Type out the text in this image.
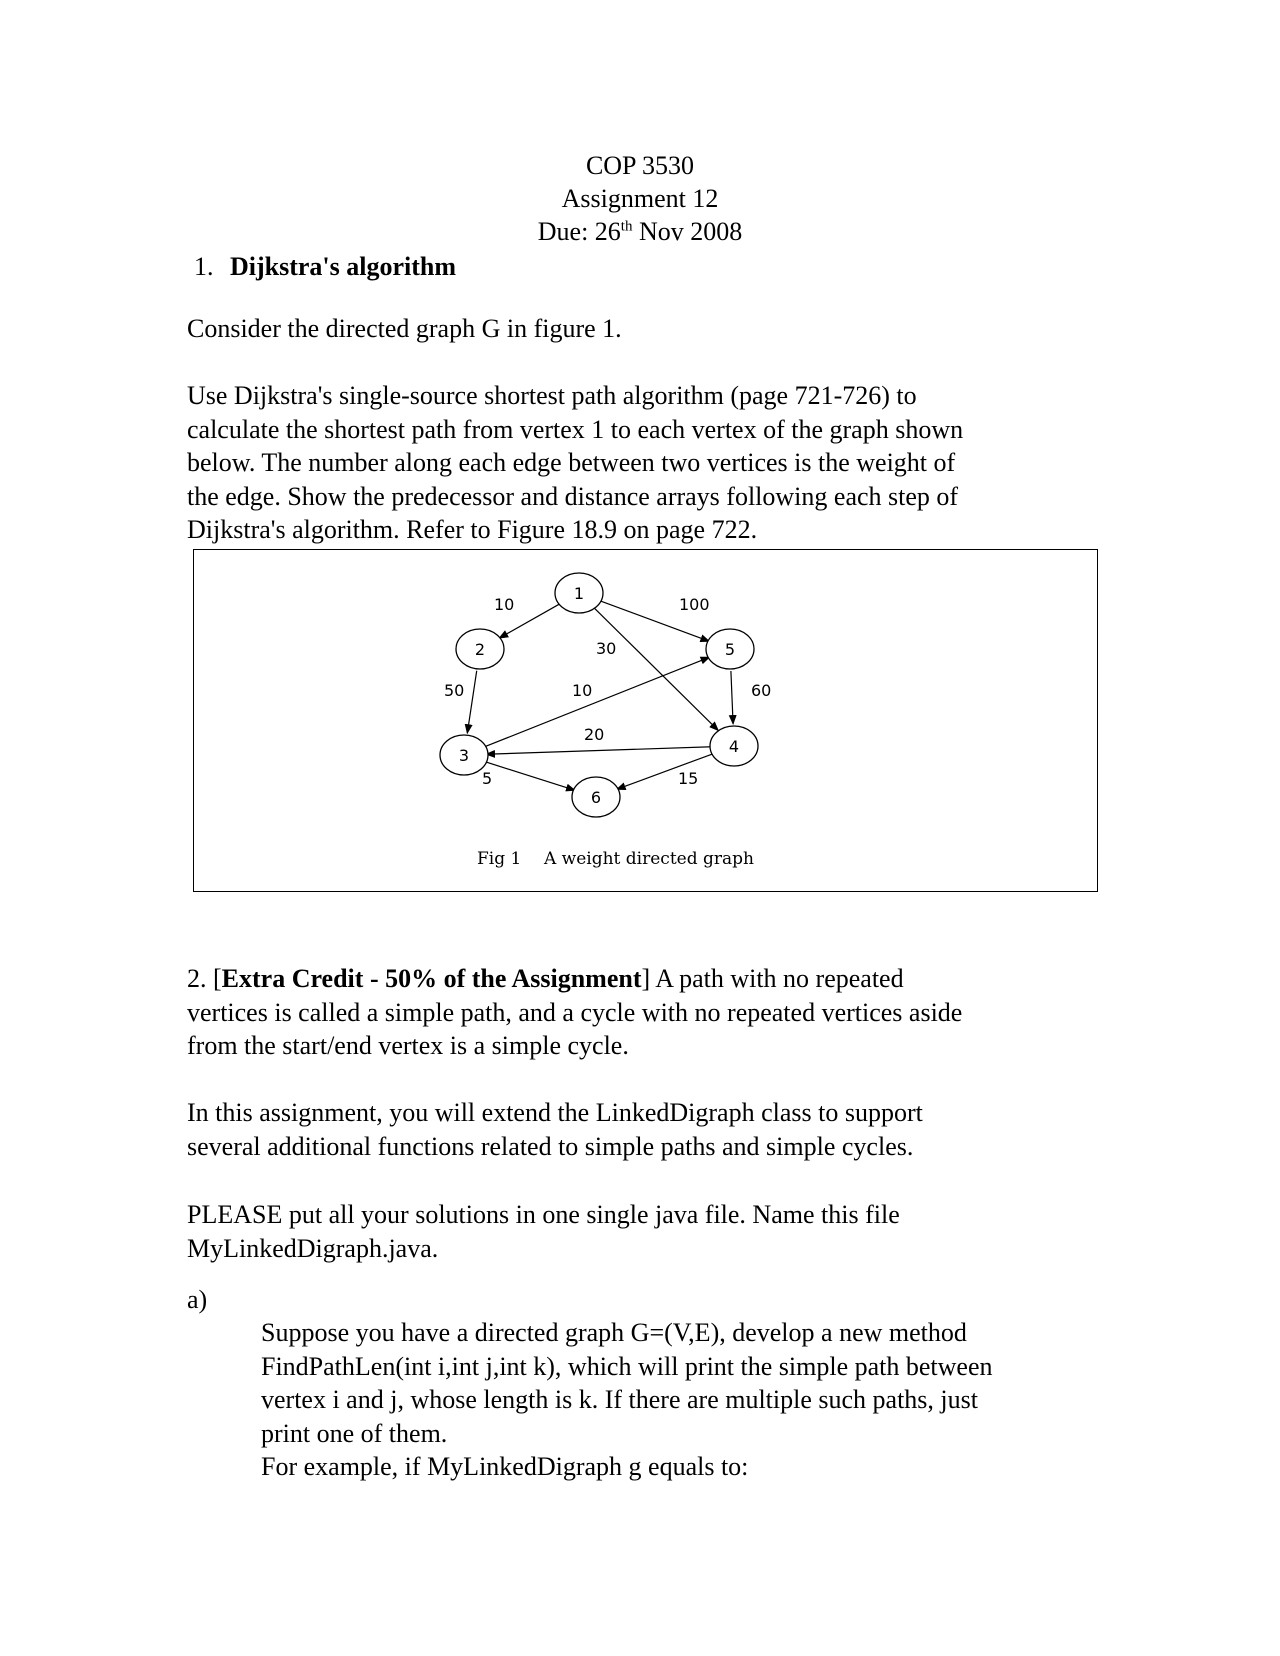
COP 3530
Assignment 12
Due: 26th Nov 2008
1. Dijkstra's algorithm
Consider the directed graph G in figure 1.
Use Dijkstra's single-source shortest path algorithm (page 721-726) to
calculate the shortest path from vertex 1 to each vertex of the graph shown
below. The number along each edge between two vertices is the weight of
the edge. Show the predecessor and distance arrays following each step of
Dijkstra's algorithm. Refer to Figure 18.9 on page 722.
1
2
3	4
5
6
10	100
30
50	10	60
20
5	15
Fig 1 A weight directed graph
2. [Extra Credit - 50% of the Assignment] A path with no repeated
vertices is called a simple path, and a cycle with no repeated vertices aside
from the start/end vertex is a simple cycle.
In this assignment, you will extend the LinkedDigraph class to support
several additional functions related to simple paths and simple cycles.
PLEASE put all your solutions in one single java file. Name this file
MyLinkedDigraph.java.
a)
Suppose you have a directed graph G=(V,E), develop a new method
FindPathLen(int i,int j,int k), which will print the simple path between
vertex i and j, whose length is k. If there are multiple such paths, just
print one of them.
For example, if MyLinkedDigraph g equals to:
